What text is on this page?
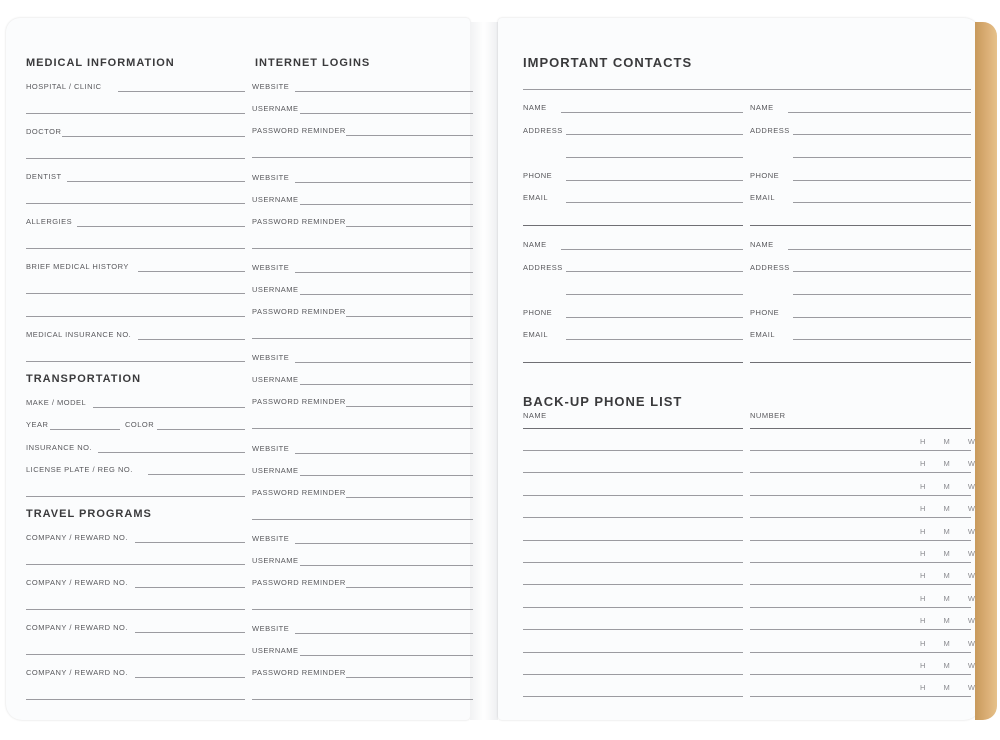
MEDICAL INFORMATION
HOSPITAL / CLINIC
DOCTOR
DENTIST
ALLERGIES
BRIEF MEDICAL HISTORY
MEDICAL INSURANCE NO.
TRANSPORTATION
MAKE / MODEL
YEAR	COLOR
INSURANCE NO.
LICENSE PLATE / REG NO.
TRAVEL PROGRAMS
COMPANY / REWARD NO.
COMPANY / REWARD NO.
COMPANY / REWARD NO.
COMPANY / REWARD NO.
INTERNET LOGINS
WEBSITE
USERNAME
PASSWORD REMINDER
WEBSITE
USERNAME
PASSWORD REMINDER
WEBSITE
USERNAME
PASSWORD REMINDER
WEBSITE
USERNAME
PASSWORD REMINDER
WEBSITE
USERNAME
PASSWORD REMINDER
WEBSITE
USERNAME
PASSWORD REMINDER
WEBSITE
USERNAME
PASSWORD REMINDER
IMPORTANT CONTACTS
NAME
ADDRESS
PHONE
EMAIL
NAME
ADDRESS
PHONE
EMAIL
NAME
ADDRESS
PHONE
EMAIL
NAME
ADDRESS
PHONE
EMAIL
BACK-UP PHONE LIST
NAME	NUMBER
H M W
H M W
H M W
H M W
H M W
H M W
H M W
H M W
H M W
H M W
H M W
H M W
